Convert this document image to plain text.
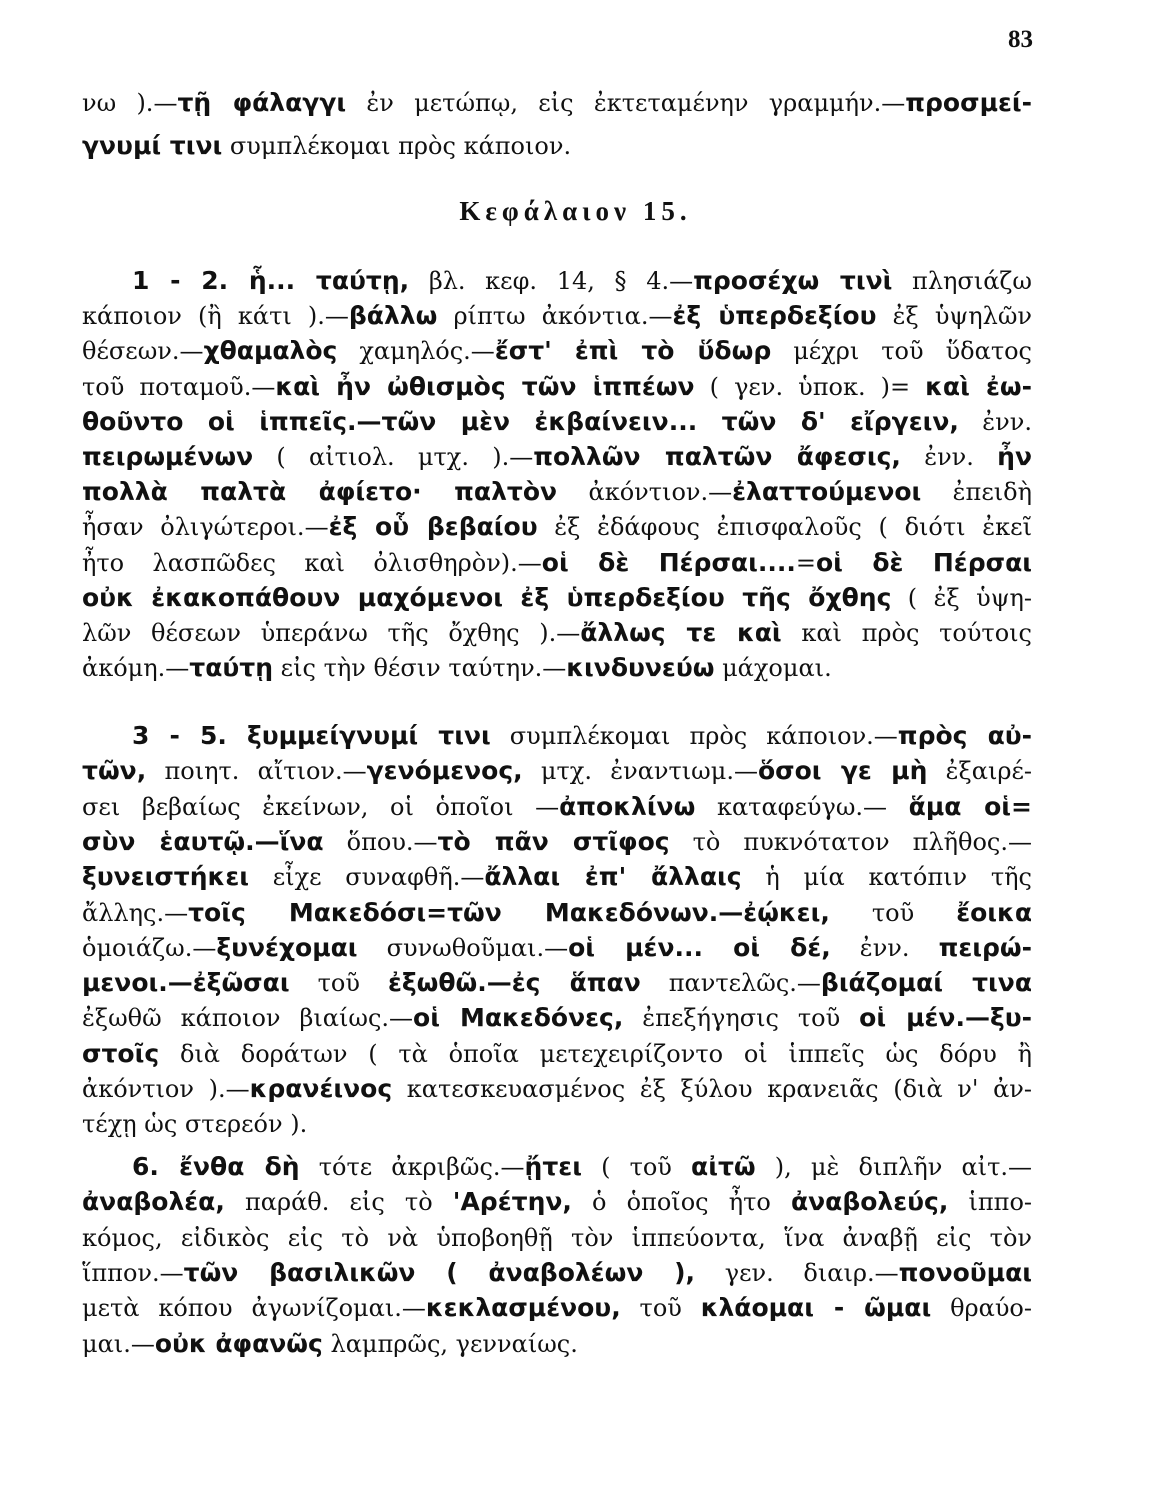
83
νω ).—τῇ φάλαγγι ἐν μετώπῳ, εἰς ἐκτεταμένην γραμμήν.—προσμεί-
γνυμί τινι συμπλέκομαι πρὸς κάποιον.
Κεφάλαιον 15.
1 - 2. ἧ... ταύτῃ, βλ. κεφ. 14, § 4.—προσέχω τινὶ πλησιάζω
κάποιον (ἢ κάτι ).—βάλλω ρίπτω ἀκόντια.—ἐξ ὑπερδεξίου ἐξ ὑψηλῶν
θέσεων.—χθαμαλὸς χαμηλός.—ἔστ' ἐπὶ τὸ ὕδωρ μέχρι τοῦ ὕδατος
τοῦ ποταμοῦ.—καὶ ἦν ὠθισμὸς τῶν ἱππέων ( γεν. ὑποκ. )= καὶ ἐω-
θοῦντο οἱ ἱππεῖς.—τῶν μὲν ἐκβαίνειν... τῶν δ' εἴργειν, ἐνν.
πειρωμένων ( αἰτιολ. μτχ. ).—πολλῶν παλτῶν ἄφεσις, ἐνν. ἦν
πολλὰ παλτὰ ἀφίετο· παλτὸν ἀκόντιον.—ἐλαττούμενοι ἐπειδὴ
ἦσαν ὀλιγώτεροι.—ἐξ οὗ βεβαίου ἐξ ἐδάφους ἐπισφαλοῦς ( διότι ἐκεῖ
ἦτο λασπῶδες καὶ ὀλισθηρὸν).—οἱ δὲ Πέρσαι....=οἱ δὲ Πέρσαι
οὐκ ἐκακοπάθουν μαχόμενοι ἐξ ὑπερδεξίου τῆς ὄχθης ( ἐξ ὑψη-
λῶν θέσεων ὑπεράνω τῆς ὄχθης ).—ἄλλως τε καὶ καὶ πρὸς τούτοις
ἀκόμη.—ταύτῃ εἰς τὴν θέσιν ταύτην.—κινδυνεύω μάχομαι.
3 - 5. ξυμμείγνυμί τινι συμπλέκομαι πρὸς κάποιον.—πρὸς αὐ-
τῶν, ποιητ. αἴτιον.—γενόμενος, μτχ. ἐναντιωμ.—ὅσοι γε μὴ ἐξαιρέ-
σει βεβαίως ἐκείνων, οἱ ὁποῖοι —ἀποκλίνω καταφεύγω.— ἅμα οἱ=
σὺν ἑαυτῷ.—ἵνα ὅπου.—τὸ πᾶν στῖφος τὸ πυκνότατον πλῆθος.—
ξυνειστήκει εἶχε συναφθῆ.—ἄλλαι ἐπ' ἄλλαις ἡ μία κατόπιν τῆς
ἄλλης.—τοῖς Μακεδόσι=τῶν Μακεδόνων.—ἐῴκει, τοῦ ἔοικα
ὁμοιάζω.—ξυνέχομαι συνωθοῦμαι.—οἱ μέν... οἱ δέ, ἐνν. πειρώ-
μενοι.—ἐξῶσαι τοῦ ἐξωθῶ.—ἐς ἅπαν παντελῶς.—βιάζομαί τινα
ἐξωθῶ κάποιον βιαίως.—οἱ Μακεδόνες, ἐπεξήγησις τοῦ οἱ μέν.—ξυ-
στοῖς διὰ δοράτων ( τὰ ὁποῖα μετεχειρίζοντο οἱ ἱππεῖς ὡς δόρυ ἢ
ἀκόντιον ).—κρανέινος κατεσκευασμένος ἐξ ξύλου κρανειᾶς (διὰ ν' ἀν-
τέχῃ ὡς στερεόν ).
6. ἔνθα δὴ τότε ἀκριβῶς.—ᾔτει ( τοῦ αἰτῶ ), μὲ διπλῆν αἰτ.—
ἀναβολέα, παράθ. εἰς τὸ 'Αρέτην, ὁ ὁποῖος ἦτο ἀναβολεύς, ἱππο-
κόμος, εἰδικὸς εἰς τὸ νὰ ὑποβοηθῇ τὸν ἱππεύοντα, ἵνα ἀναβῇ εἰς τὸν
ἵππον.—τῶν βασιλικῶν ( ἀναβολέων ), γεν. διαιρ.—πονοῦμαι
μετὰ κόπου ἀγωνίζομαι.—κεκλασμένου, τοῦ κλάομαι - ῶμαι θραύο-
μαι.—οὐκ ἀφανῶς λαμπρῶς, γενναίως.
